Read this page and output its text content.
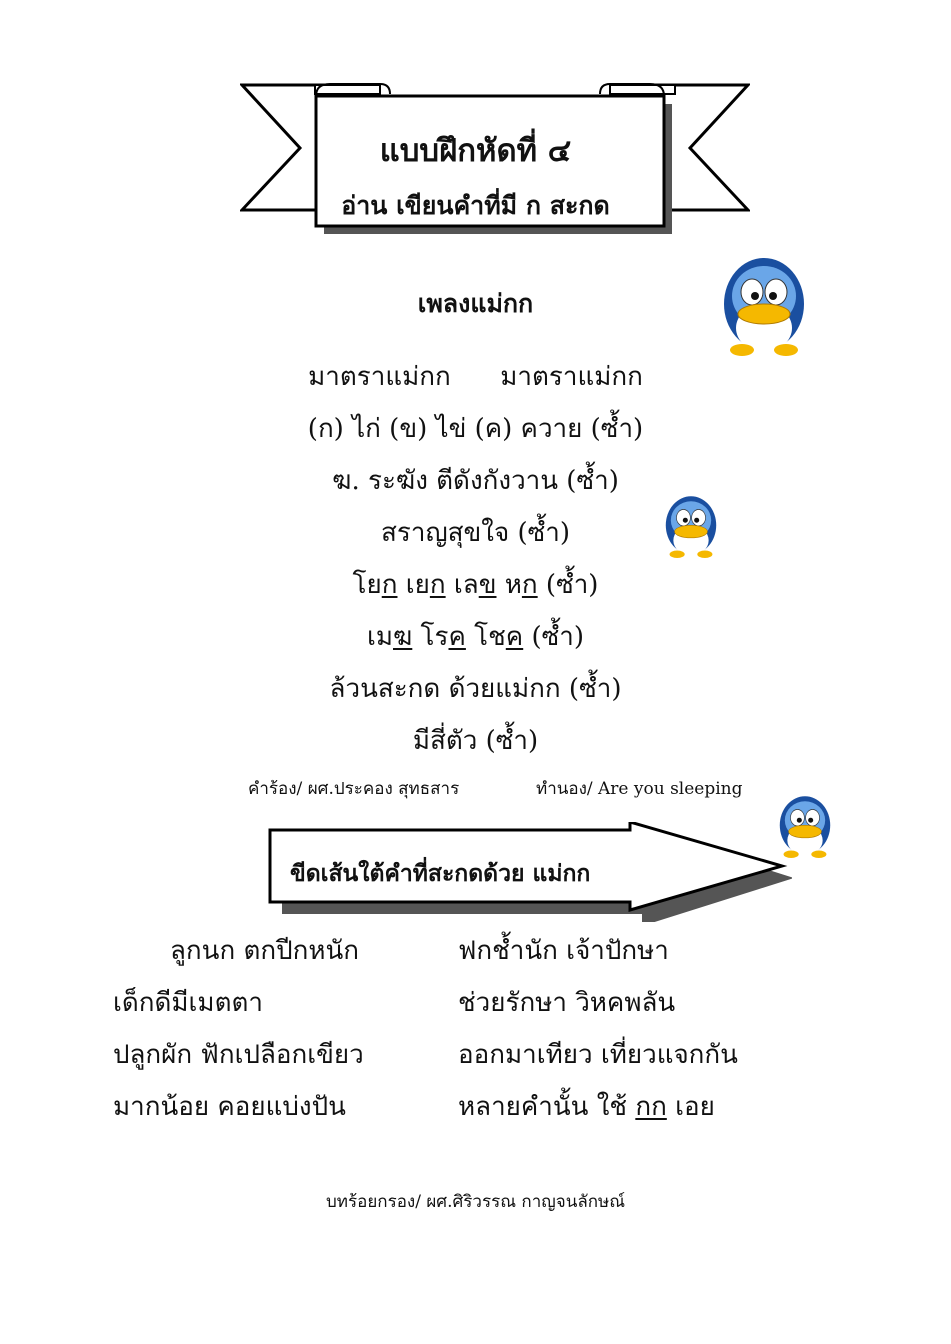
แบบฝึกหัดที่ ๔
อ่าน เขียนคำที่มี ก สะกด
เพลงแม่กก
มาตราแม่กก      มาตราแม่กก
(ก) ไก่ (ข) ไข่ (ค) ควาย (ซ้ำ)
ฆ. ระฆัง ตีดังกังวาน (ซ้ำ)
สราญสุขใจ (ซ้ำ)
โยก เยก เลข หก (ซ้ำ)
เมฆ โรค โชค (ซ้ำ)
ล้วนสะกด ด้วยแม่กก (ซ้ำ)
มีสี่ตัว (ซ้ำ)
คำร้อง/ ผศ.ประคอง สุทธสาร	ทำนอง/ Are you sleeping
ขีดเส้นใต้คำที่สะกดด้วย แม่กก
ลูกนก ตกปีกหนัก
เด็กดีมีเมตตา
ปลูกผัก ฟักเปลือกเขียว
มากน้อย คอยแบ่งปัน
ฟกช้ำนัก เจ้าปักษา
ช่วยรักษา วิหคพลัน
ออกมาเทียว เที่ยวแจกกัน
หลายคำนั้น ใช้ กก เอย
บทร้อยกรอง/ ผศ.ศิริวรรณ กาญจนลักษณ์
